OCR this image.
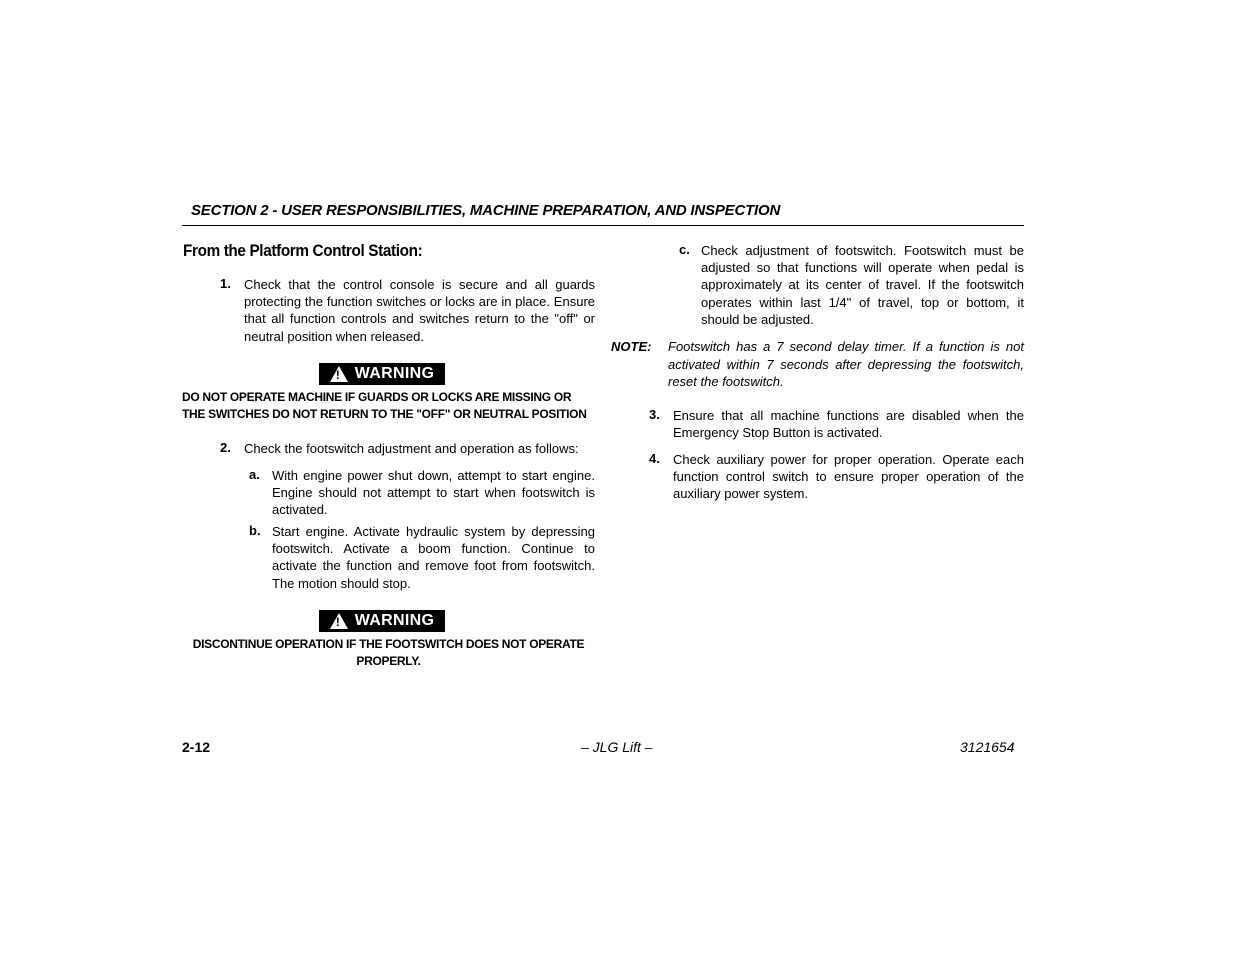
SECTION 2 - USER RESPONSIBILITIES, MACHINE PREPARATION, AND INSPECTION
From the Platform Control Station:
1. Check that the control console is secure and all guards protecting the function switches or locks are in place. Ensure that all function controls and switches return to the "off" or neutral position when released.
!
WARNING
DO NOT OPERATE MACHINE IF GUARDS OR LOCKS ARE MISSING OR THE SWITCHES DO NOT RETURN TO THE "OFF" OR NEUTRAL POSITION
2. Check the footswitch adjustment and operation as follows:
a. With engine power shut down, attempt to start engine. Engine should not attempt to start when footswitch is activated.
b. Start engine. Activate hydraulic system by depressing footswitch. Activate a boom function. Continue to activate the function and remove foot from footswitch. The motion should stop.
!
WARNING
DISCONTINUE OPERATION IF THE FOOTSWITCH DOES NOT OPERATE PROPERLY.
c. Check adjustment of footswitch. Footswitch must be adjusted so that functions will operate when pedal is approximately at its center of travel. If the footswitch operates within last 1/4" of travel, top or bottom, it should be adjusted.
NOTE: Footswitch has a 7 second delay timer. If a function is not activated within 7 seconds after depressing the footswitch, reset the footswitch.
3. Ensure that all machine functions are disabled when the Emergency Stop Button is activated.
4. Check auxiliary power for proper operation. Operate each function control switch to ensure proper operation of the auxiliary power system.
2-12	– JLG Lift –	3121654
